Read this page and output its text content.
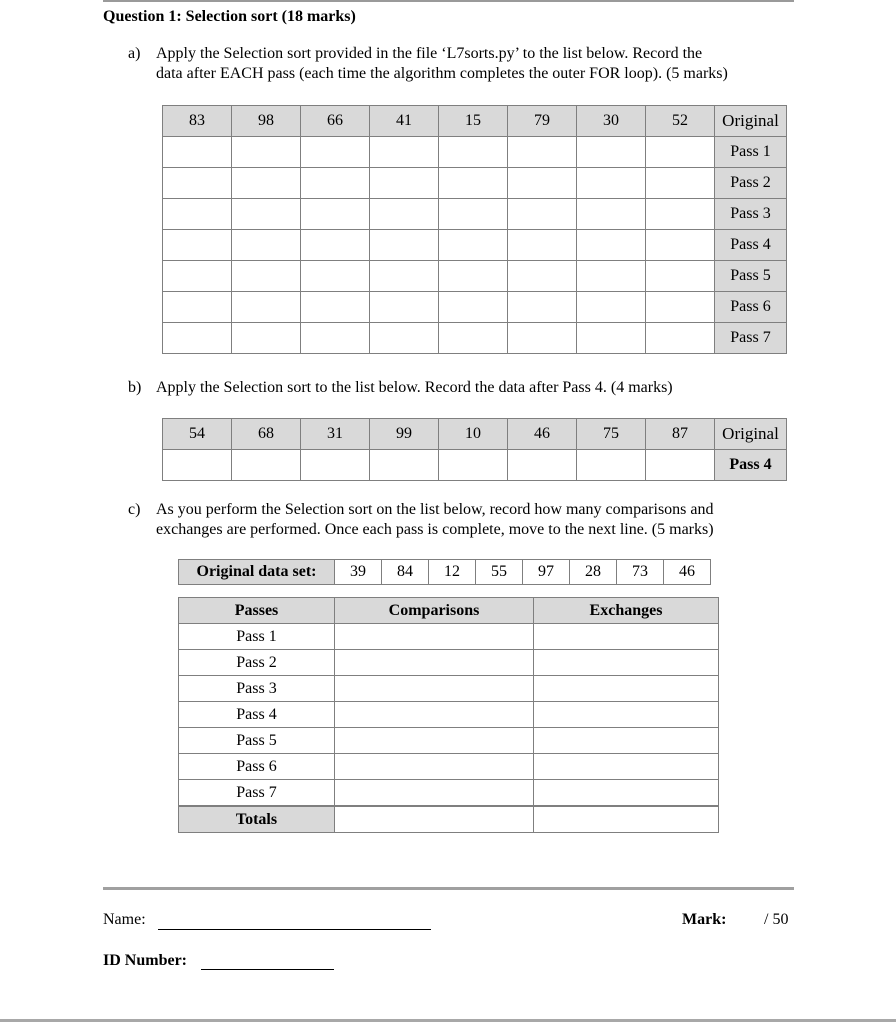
Question 1: Selection sort (18 marks)
a) Apply the Selection sort provided in the file ‘L7sorts.py’ to the list below. Record the
data after EACH pass (each time the algorithm completes the outer FOR loop). (5 marks)
83	98	66	41	15	79	30	52	Original
								Pass 1
								Pass 2
								Pass 3
								Pass 4
								Pass 5
								Pass 6
								Pass 7
b) Apply the Selection sort to the list below. Record the data after Pass 4. (4 marks)
54	68	31	99	10	46	75	87	Original
								Pass 4
c) As you perform the Selection sort on the list below, record how many comparisons and
exchanges are performed. Once each pass is complete, move to the next line. (5 marks)
Original data set:	39	84	12	55	97	28	73	46
Passes	Comparisons	Exchanges
Pass 1		
Pass 2		
Pass 3		
Pass 4		
Pass 5		
Pass 6		
Pass 7		
Totals		
Name:	Mark: / 50
ID Number:
